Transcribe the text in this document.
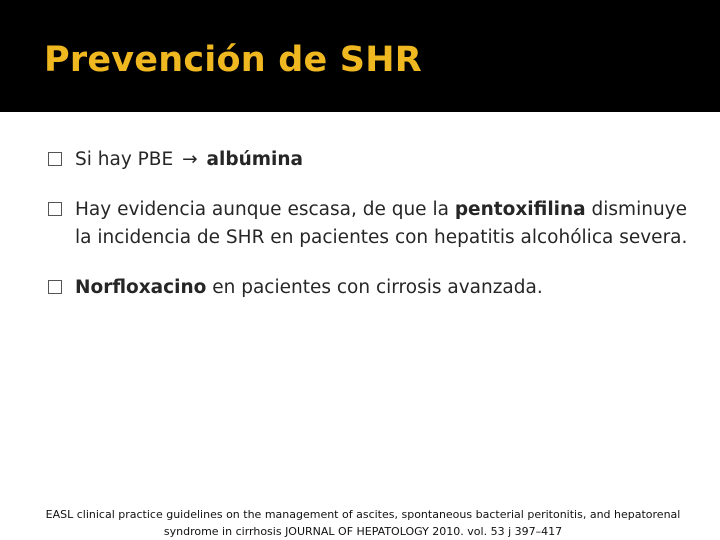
Prevención de SHR
Si hay PBE → albúmina
Hay evidencia aunque escasa, de que la pentoxifilina disminuye la incidencia de SHR en pacientes con hepatitis alcohólica severa.
Norfloxacino en pacientes con cirrosis avanzada.

EASL clinical practice guidelines on the management of ascites, spontaneous bacterial peritonitis, and hepatorenal
syndrome in cirrhosis JOURNAL OF HEPATOLOGY 2010. vol. 53 j 397–417
